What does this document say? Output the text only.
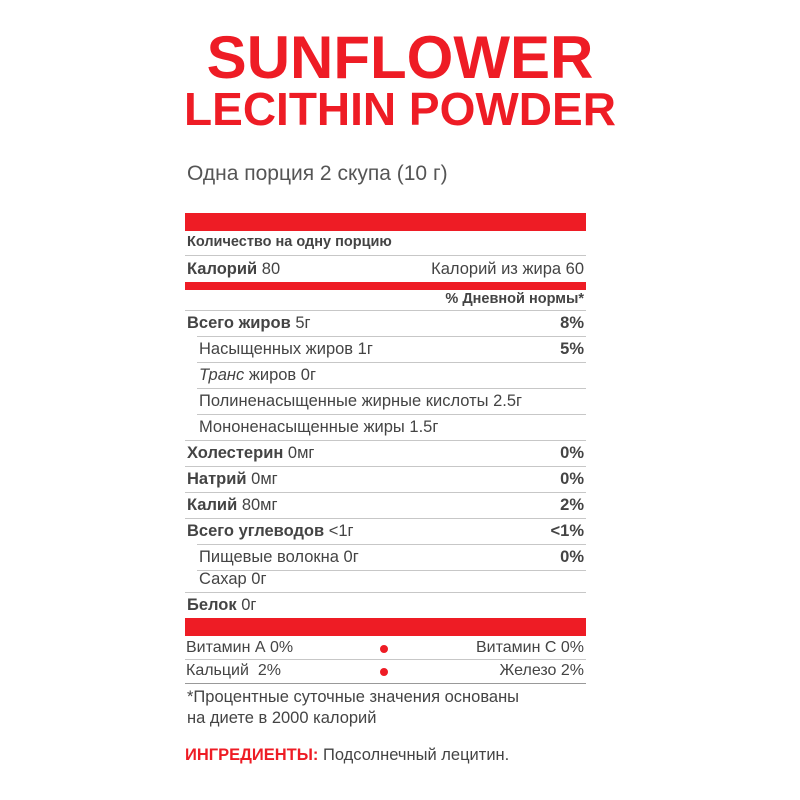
SUNFLOWER
LECITHIN POWDER
Одна порция 2 скупа (10 г)
Количество на одну порцию
Калорий 80	Калорий из жира 60
% Дневной нормы*
Всего жиров 5г	8%
Насыщенных жиров 1г	5%
Транс жиров 0г
Полиненасыщенные жирные кислоты 2.5г
Мононенасыщенные жиры 1.5г
Холестерин 0мг	0%
Натрий 0мг	0%
Калий 80мг	2%
Всего углеводов <1г	<1%
Пищевые волокна 0г	0%
Сахар 0г
Белок 0г
Витамин А 0%	Витамин С 0%
Кальций  2%	Железо 2%
*Процентные суточные значения основаны
на диете в 2000 калорий
ИНГРЕДИЕНТЫ: Подсолнечный лецитин.
